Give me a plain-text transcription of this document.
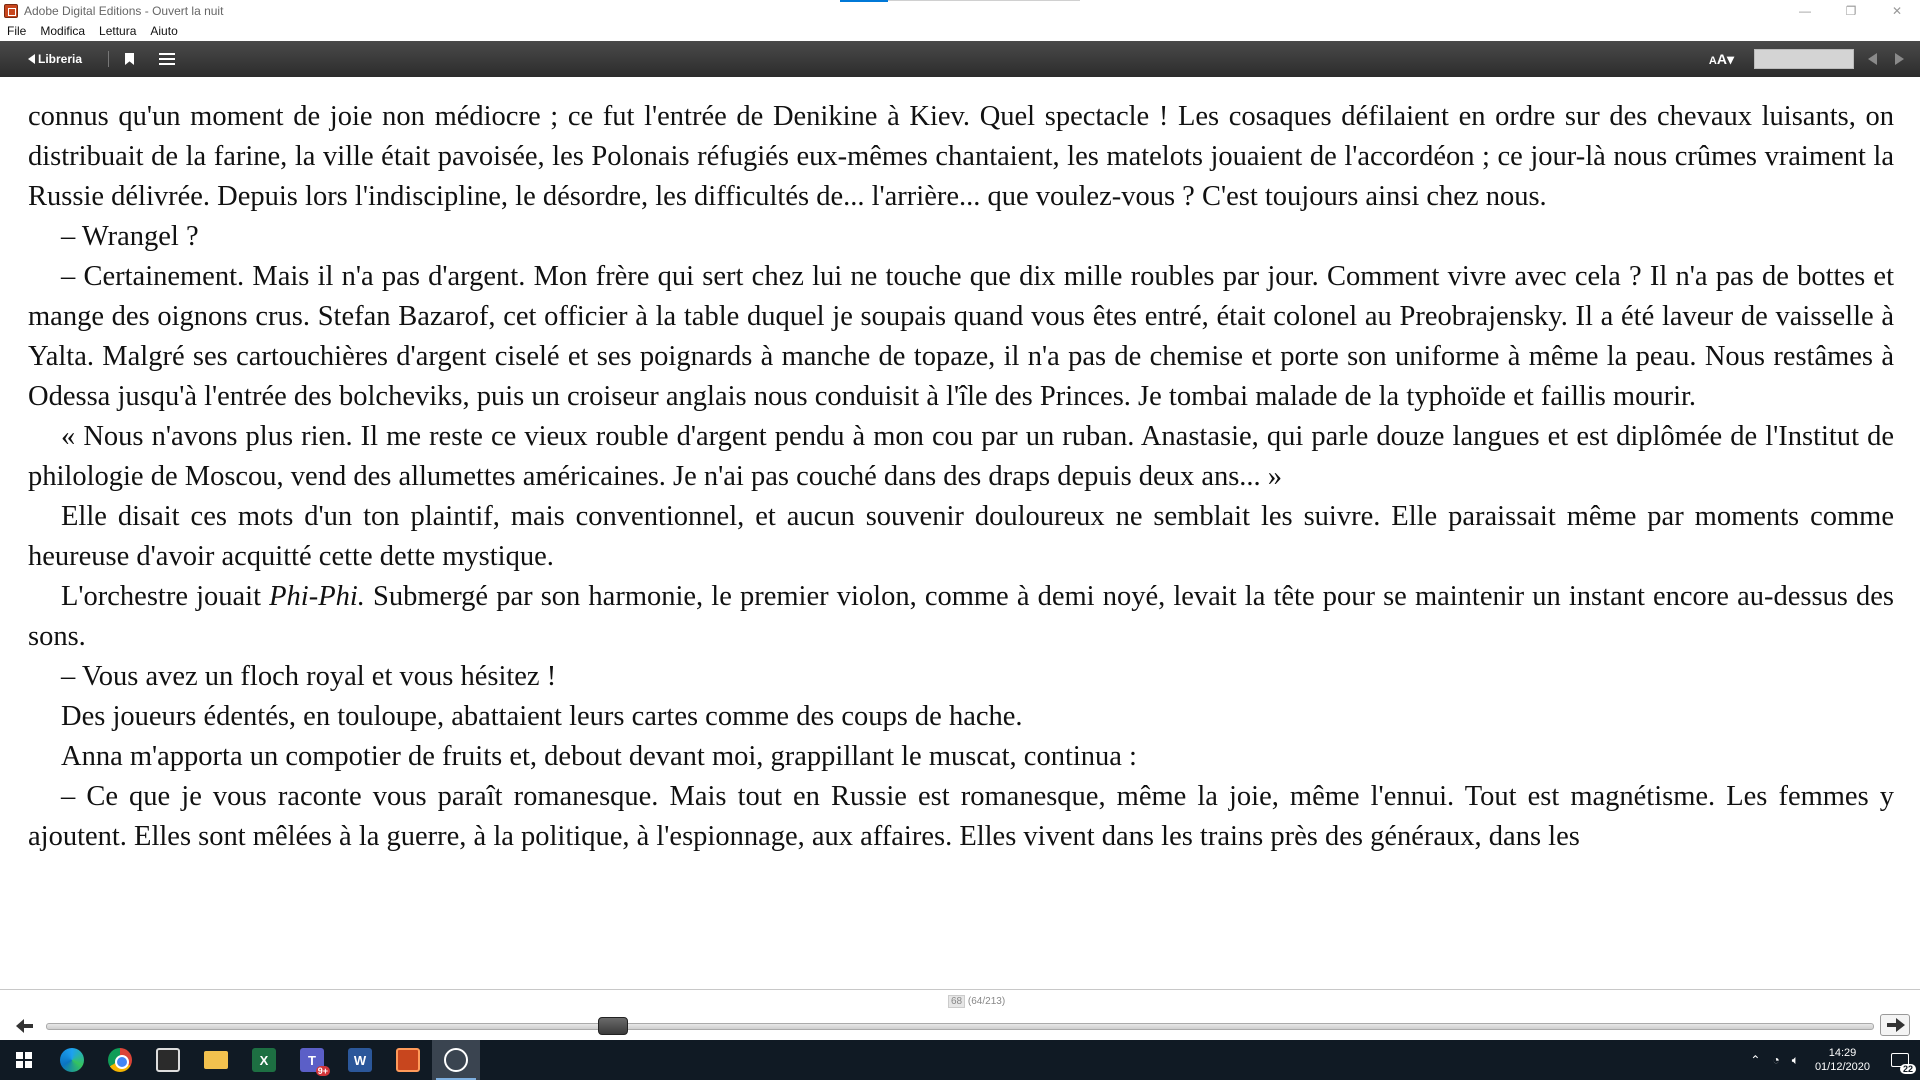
Adobe Digital Editions - Ouvert la nuit	—	❐	✕
File	Modifica	Lettura	Aiuto
Libreria	AA▾

connus qu'un moment de joie non médiocre ; ce fut l'entrée de Denikine à Kiev. Quel spectacle ! Les cosaques défilaient en ordre sur des chevaux luisants, on distribuait de la farine, la ville était pavoisée, les Polonais réfugiés eux-mêmes chantaient, les matelots jouaient de l'accordéon ; ce jour-là nous crûmes vraiment la Russie délivrée. Depuis lors l'indiscipline, le désordre, les difficultés de... l'arrière... que voulez-vous ? C'est toujours ainsi chez nous.

– Wrangel ?

– Certainement. Mais il n'a pas d'argent. Mon frère qui sert chez lui ne touche que dix mille roubles par jour. Comment vivre avec cela ? Il n'a pas de bottes et mange des oignons crus. Stefan Bazarof, cet officier à la table duquel je soupais quand vous êtes entré, était colonel au Preobrajensky. Il a été laveur de vaisselle à Yalta. Malgré ses cartouchières d'argent ciselé et ses poignards à manche de topaze, il n'a pas de chemise et porte son uniforme à même la peau. Nous restâmes à Odessa jusqu'à l'entrée des bolcheviks, puis un croiseur anglais nous conduisit à l'île des Princes. Je tombai malade de la typhoïde et faillis mourir.

« Nous n'avons plus rien. Il me reste ce vieux rouble d'argent pendu à mon cou par un ruban. Anastasie, qui parle douze langues et est diplômée de l'Institut de philologie de Moscou, vend des allumettes américaines. Je n'ai pas couché dans des draps depuis deux ans... »

Elle disait ces mots d'un ton plaintif, mais conventionnel, et aucun souvenir douloureux ne semblait les suivre. Elle paraissait même par moments comme heureuse d'avoir acquitté cette dette mystique.

L'orchestre jouait Phi-Phi. Submergé par son harmonie, le premier violon, comme à demi noyé, levait la tête pour se maintenir un instant encore au-dessus des sons.

– Vous avez un floch royal et vous hésitez !

Des joueurs édentés, en touloupe, abattaient leurs cartes comme des coups de hache.

Anna m'apporta un compotier de fruits et, debout devant moi, grappillant le muscat, continua :

– Ce que je vous raconte vous paraît romanesque. Mais tout en Russie est romanesque, même la joie, même l'ennui. Tout est magnétisme. Les femmes y ajoutent. Elles sont mêlées à la guerre, à la politique, à l'espionnage, aux affaires. Elles vivent dans les trains près des généraux, dans les

68 (64/213)
X	T
9+
W	⌃ ◔ 🔈︎	14:29
01/12/2020	22
